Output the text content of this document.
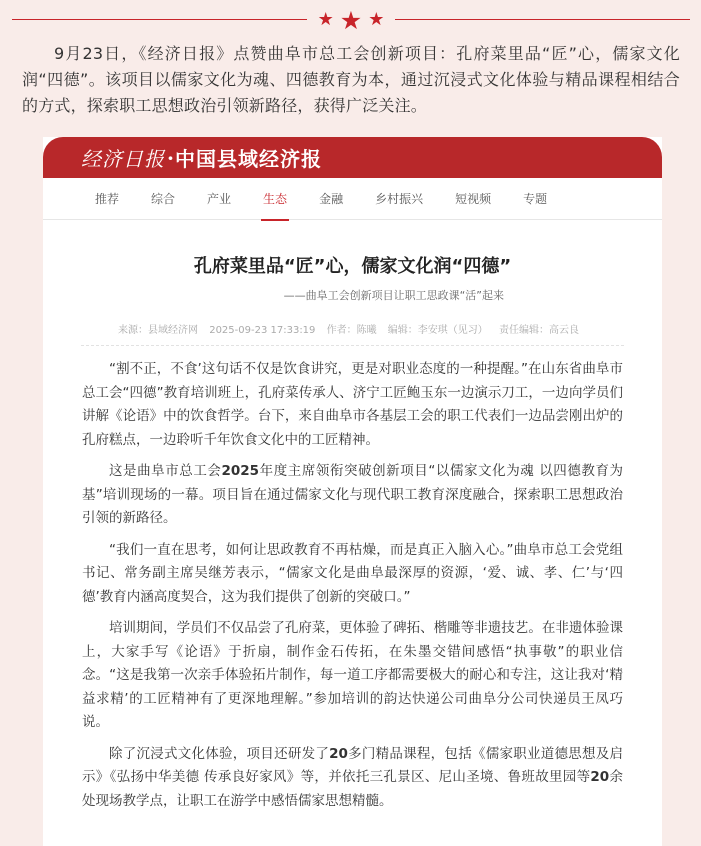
★ ★ ★

9月23日，《经济日报》点赞曲阜市总工会创新项目：孔府菜里品“匠”心，儒家文化润“四德”。该项目以儒家文化为魂、四德教育为本，通过沉浸式文化体验与精品课程相结合的方式，探索职工思想政治引领新路径，获得广泛关注。

经济日报 · 中国县域经济报
推荐	综合	产业	生态	金融	乡村振兴	短视频	专题
孔府菜里品“匠”心，儒家文化润“四德”
——曲阜工会创新项目让职工思政课“活”起来
来源：县域经济网 2025-09-23 17:33:19 作者：陈曦 编辑：李安琪（见习） 责任编辑：高云良

“割不正，不食’这句话不仅是饮食讲究，更是对职业态度的一种提醒。”在山东省曲阜市总工会“四德”教育培训班上，孔府菜传承人、济宁工匠鲍玉东一边演示刀工，一边向学员们讲解《论语》中的饮食哲学。台下，来自曲阜市各基层工会的职工代表们一边品尝刚出炉的孔府糕点，一边聆听千年饮食文化中的工匠精神。

这是曲阜市总工会2025年度主席领衔突破创新项目“以儒家文化为魂 以四德教育为基”培训现场的一幕。项目旨在通过儒家文化与现代职工教育深度融合，探索职工思想政治引领的新路径。

“我们一直在思考，如何让思政教育不再枯燥，而是真正入脑入心。”曲阜市总工会党组书记、常务副主席吴继芳表示，“儒家文化是曲阜最深厚的资源，‘爱、诚、孝、仁’与‘四德’教育内涵高度契合，这为我们提供了创新的突破口。”

培训期间，学员们不仅品尝了孔府菜，更体验了碑拓、楷雕等非遗技艺。在非遗体验课上，大家手写《论语》于折扇，制作金石传拓，在朱墨交错间感悟“执事敬”的职业信念。“这是我第一次亲手体验拓片制作，每一道工序都需要极大的耐心和专注，这让我对‘精益求精’的工匠精神有了更深地理解。”参加培训的韵达快递公司曲阜分公司快递员王凤巧说。

除了沉浸式文化体验，项目还研发了20多门精品课程，包括《儒家职业道德思想及启示》《弘扬中华美德 传承良好家风》等，并依托三孔景区、尼山圣境、鲁班故里园等20余处现场教学点，让职工在游学中感悟儒家思想精髓。
